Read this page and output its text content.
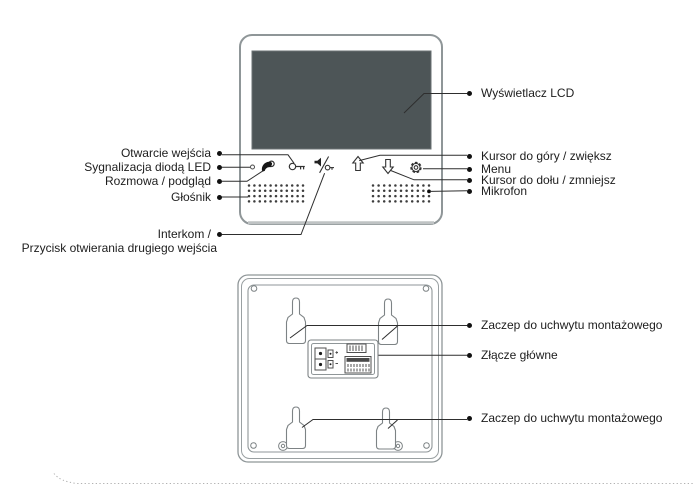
Otwarcie wejścia
Sygnalizacja diodą LED
Rozmowa / podgląd
Głośnik
Interkom /
Przycisk otwierania drugiego wejścia
Wyświetlacz LCD
Kursor do góry / zwiększ
Menu
Kursor do dołu / zmniejsz
Mikrofon
Zaczep do uchwytu montażowego
Złącze główne
Zaczep do uchwytu montażowego
